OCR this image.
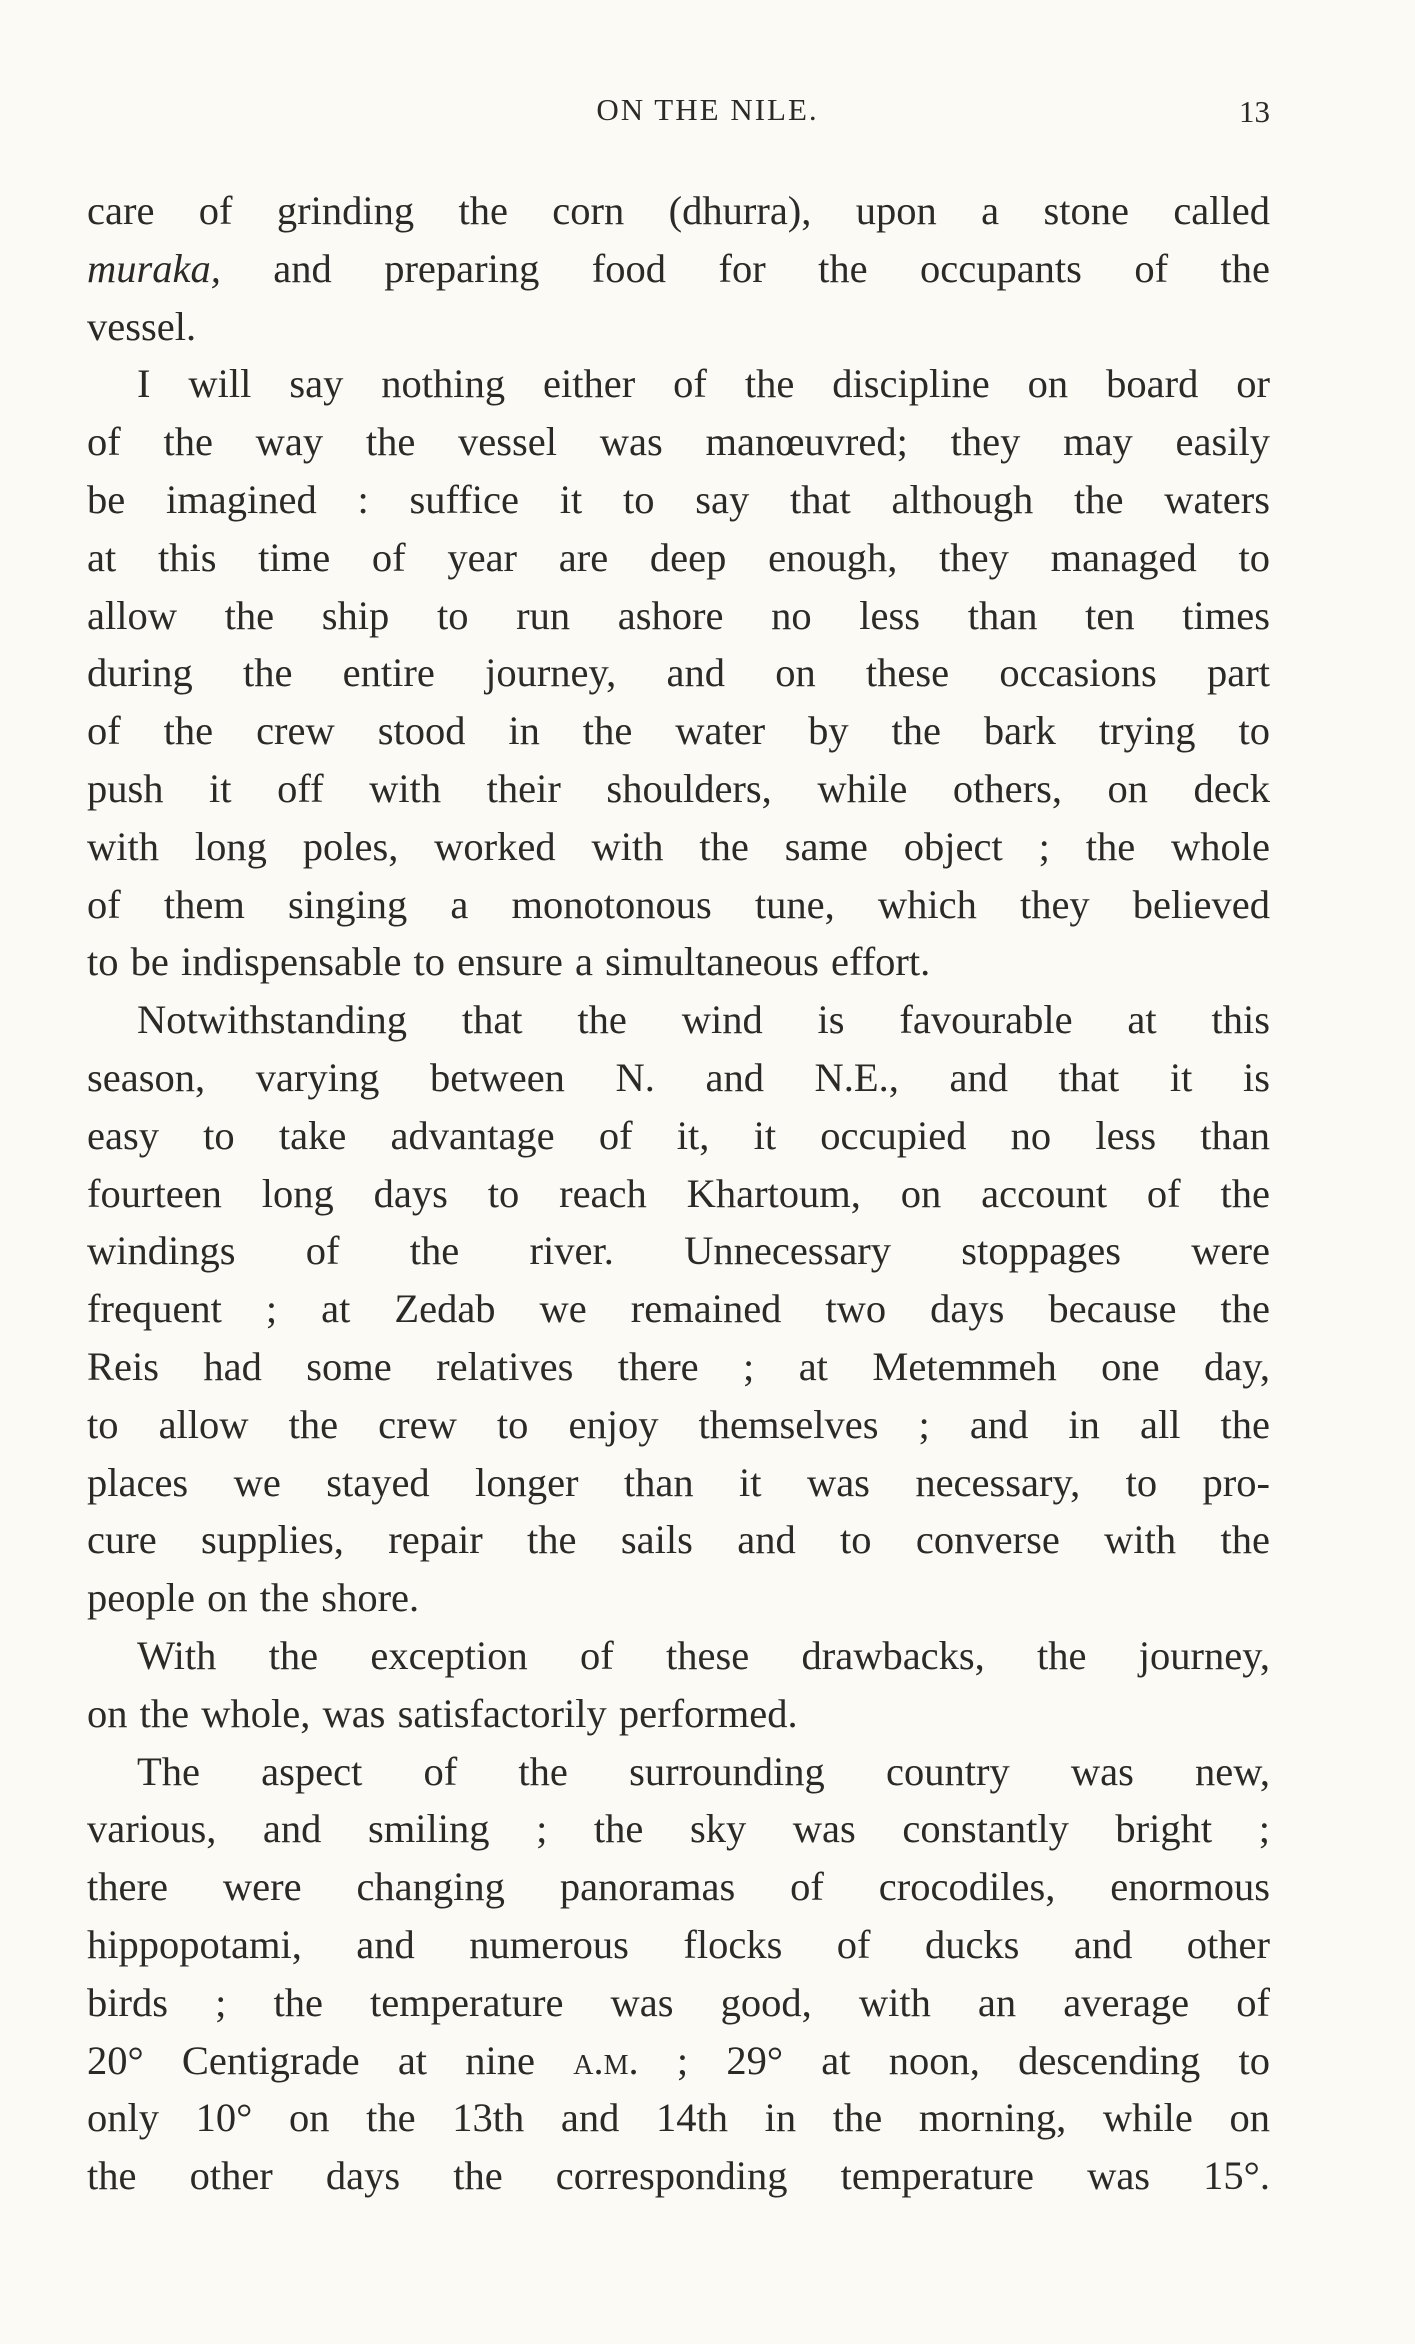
ON THE NILE.	13
care of grinding the corn (dhurra), upon a stone called
muraka, and preparing food for the occupants of the
vessel.
I will say nothing either of the discipline on board or
of the way the vessel was manœuvred; they may easily
be imagined : suffice it to say that although the waters
at this time of year are deep enough, they managed to
allow the ship to run ashore no less than ten times
during the entire journey, and on these occasions part
of the crew stood in the water by the bark trying to
push it off with their shoulders, while others, on deck
with long poles, worked with the same object ; the whole
of them singing a monotonous tune, which they believed
to be indispensable to ensure a simultaneous effort.
Notwithstanding that the wind is favourable at this
season, varying between N. and N.E., and that it is
easy to take advantage of it, it occupied no less than
fourteen long days to reach Khartoum, on account of the
windings of the river. Unnecessary stoppages were
frequent ; at Zedab we remained two days because the
Reis had some relatives there ; at Metemmeh one day,
to allow the crew to enjoy themselves ; and in all the
places we stayed longer than it was necessary, to pro-
cure supplies, repair the sails and to converse with the
people on the shore.
With the exception of these drawbacks, the journey,
on the whole, was satisfactorily performed.
The aspect of the surrounding country was new,
various, and smiling ; the sky was constantly bright ;
there were changing panoramas of crocodiles, enormous
hippopotami, and numerous flocks of ducks and other
birds ; the temperature was good, with an average of
20° Centigrade at nine a.m. ; 29° at noon, descending to
only 10° on the 13th and 14th in the morning, while on
the other days the corresponding temperature was 15°.
